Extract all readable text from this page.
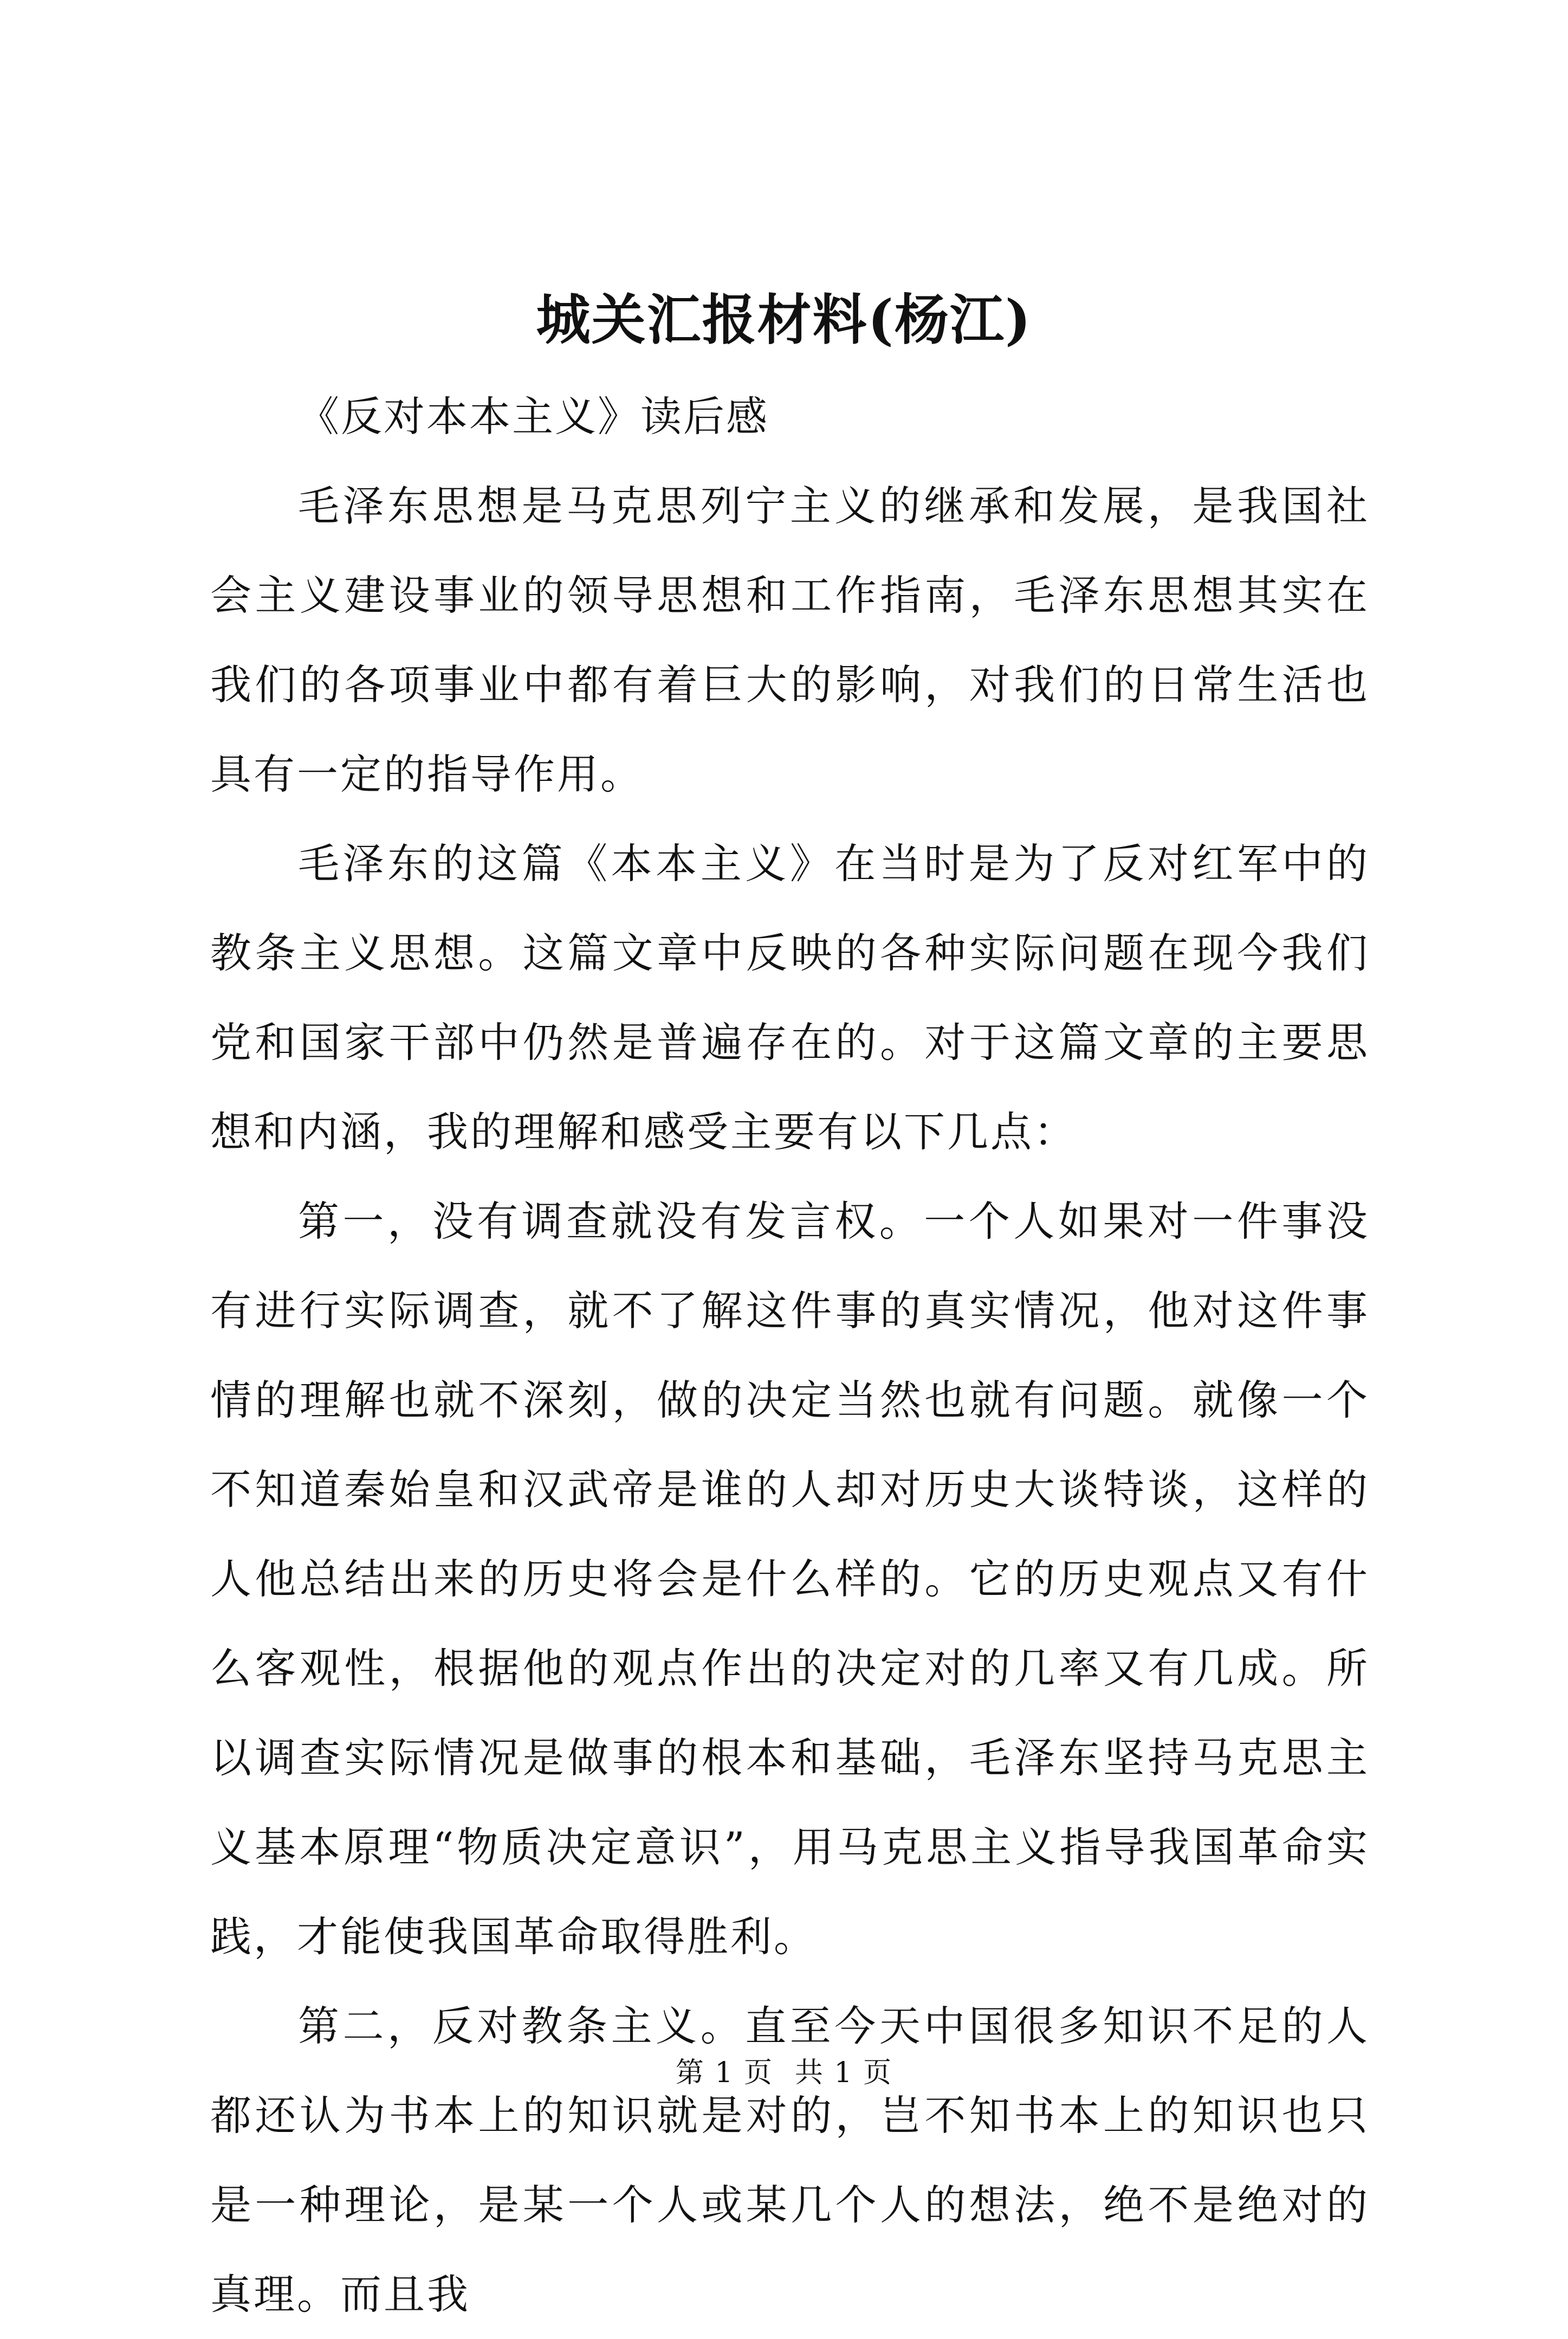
城关汇报材料(杨江)

《反对本本主义》读后感

毛泽东思想是马克思列宁主义的继承和发展，是我国社会主义建设事业的领导思想和工作指南，毛泽东思想其实在我们的各项事业中都有着巨大的影响，对我们的日常生活也具有一定的指导作用。

毛泽东的这篇《本本主义》在当时是为了反对红军中的教条主义思想。这篇文章中反映的各种实际问题在现今我们党和国家干部中仍然是普遍存在的。对于这篇文章的主要思想和内涵，我的理解和感受主要有以下几点：

第一，没有调查就没有发言权。一个人如果对一件事没有进行实际调查，就不了解这件事的真实情况，他对这件事情的理解也就不深刻，做的决定当然也就有问题。就像一个不知道秦始皇和汉武帝是谁的人却对历史大谈特谈，这样的人他总结出来的历史将会是什么样的。它的历史观点又有什么客观性，根据他的观点作出的决定对的几率又有几成。所以调查实际情况是做事的根本和基础，毛泽东坚持马克思主义基本原理“物质决定意识”，用马克思主义指导我国革命实践，才能使我国革命取得胜利。

第二，反对教条主义。直至今天中国很多知识不足的人都还认为书本上的知识就是对的，岂不知书本上的知识也只是一种理论，是某一个人或某几个人的想法，绝不是绝对的真理。而且我

第 1 页 共 1 页
